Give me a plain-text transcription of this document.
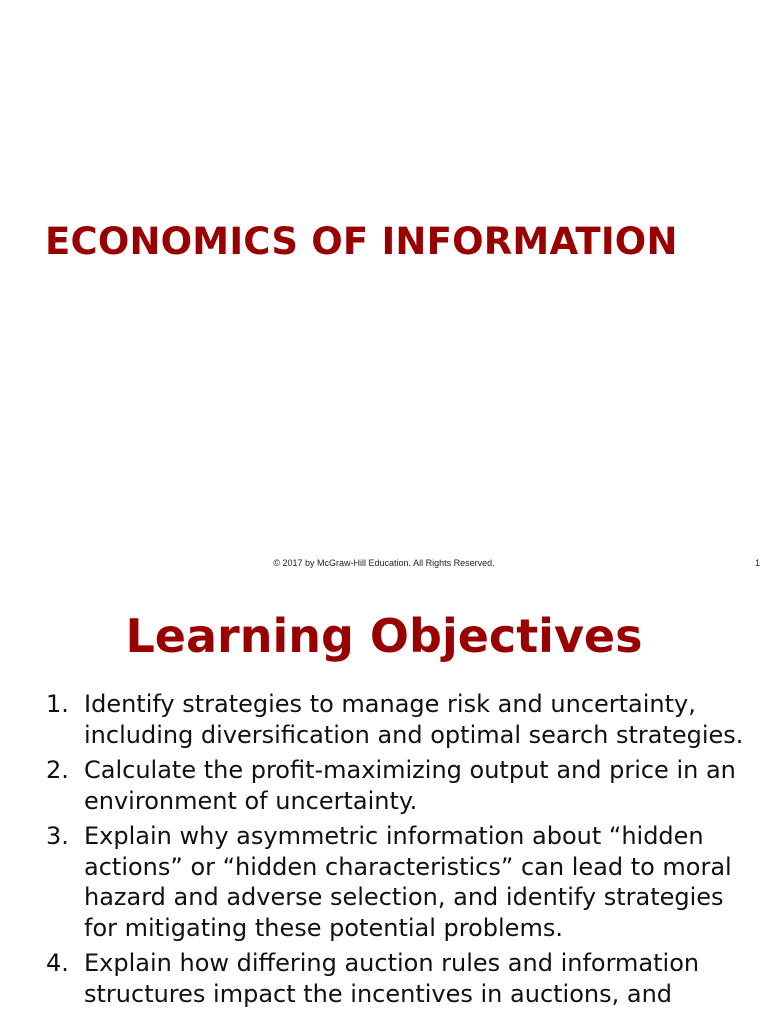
ECONOMICS OF INFORMATION
© 2017 by McGraw-Hill Education. All Rights Reserved.	1
Learning Objectives
1. Identify strategies to manage risk and uncertainty, including diversification and optimal search strategies.
2. Calculate the profit-maximizing output and price in an environment of uncertainty.
3. Explain why asymmetric information about “hidden actions” or “hidden characteristics” can lead to moral hazard and adverse selection, and identify strategies for mitigating these potential problems.
4. Explain how differing auction rules and information structures impact the incentives in auctions, and
